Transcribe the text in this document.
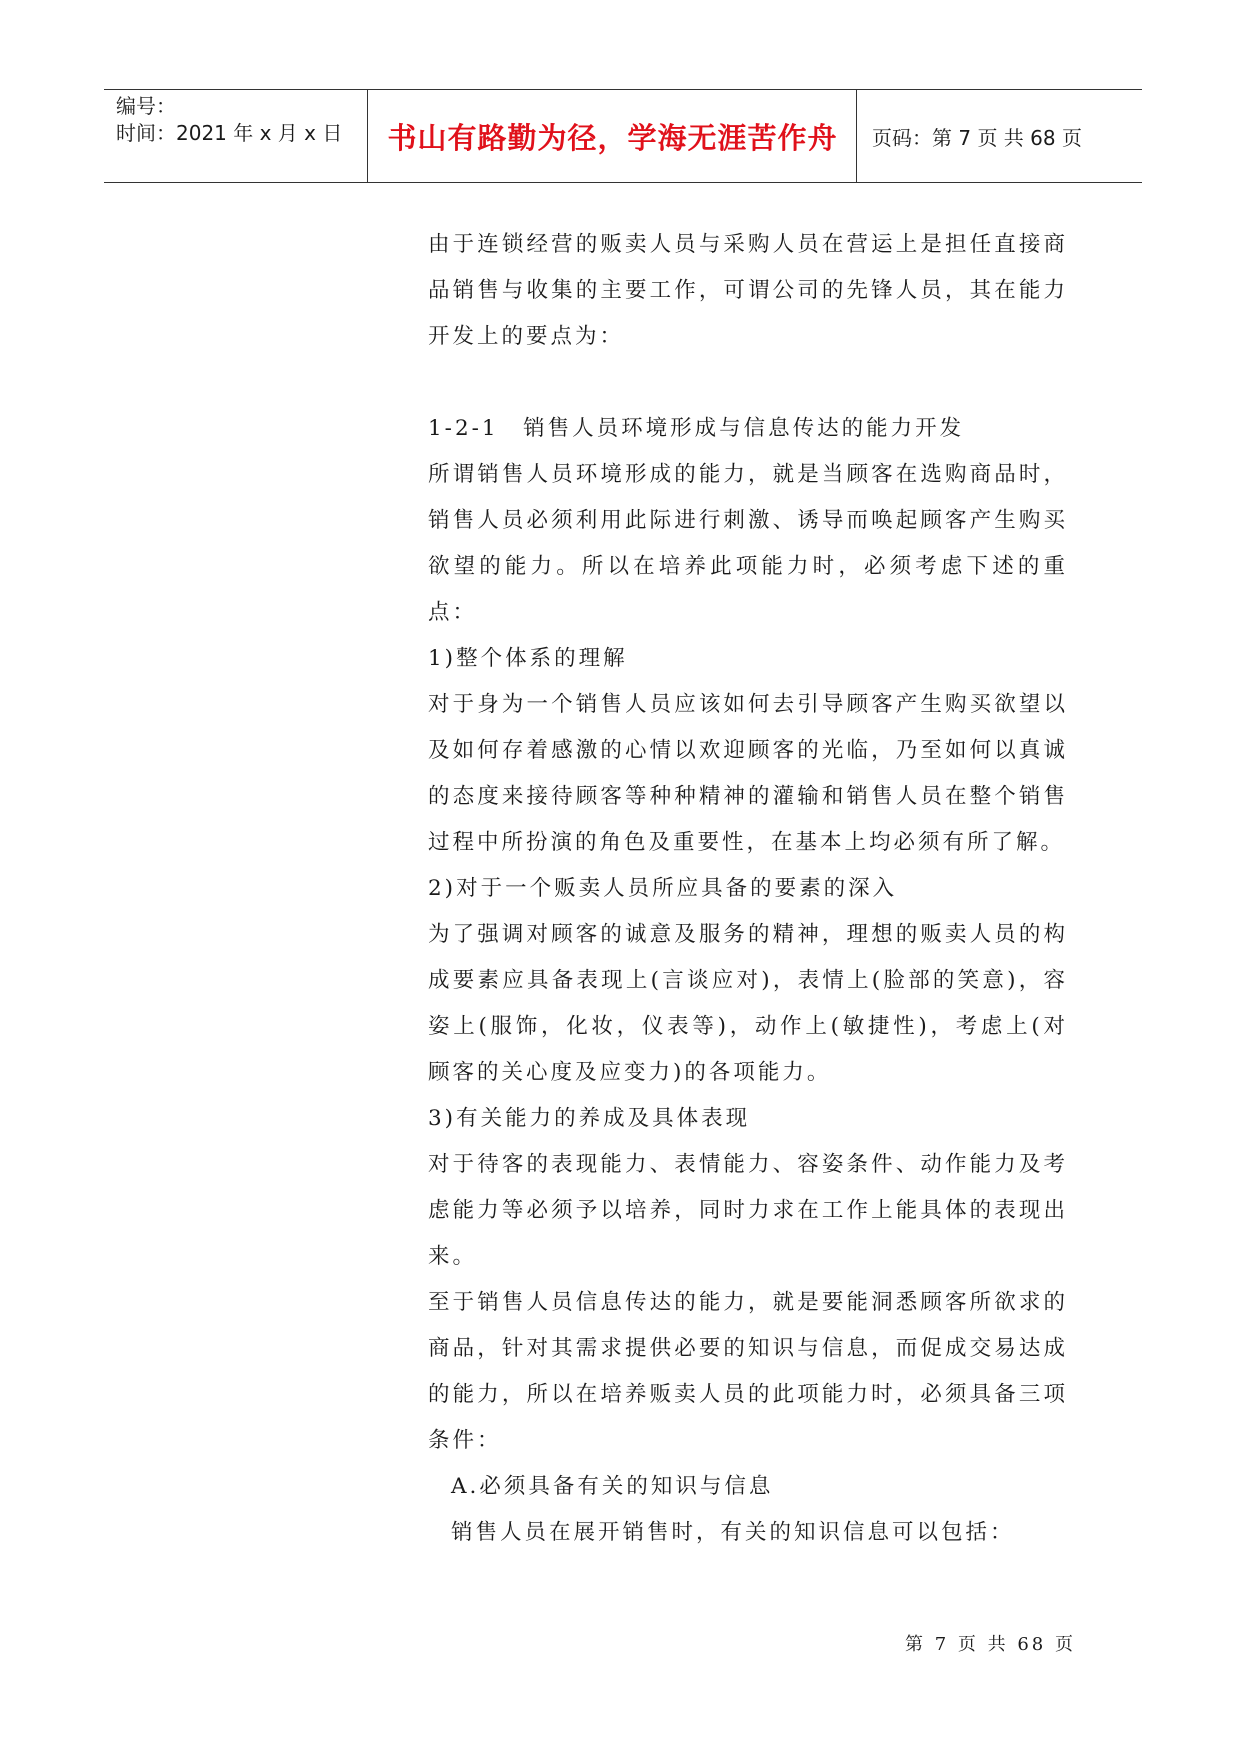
编号：
时间：2021 年 x 月 x 日	书山有路勤为径，学海无涯苦作舟	页码：第 7 页 共 68 页

由于连锁经营的贩卖人员与采购人员在营运上是担任直接商品销售与收集的主要工作，可谓公司的先锋人员，其在能力开发上的要点为：

1-2-1　销售人员环境形成与信息传达的能力开发

所谓销售人员环境形成的能力，就是当顾客在选购商品时，销售人员必须利用此际进行刺激、诱导而唤起顾客产生购买欲望的能力。所以在培养此项能力时，必须考虑下述的重点：

1)整个体系的理解

对于身为一个销售人员应该如何去引导顾客产生购买欲望以及如何存着感激的心情以欢迎顾客的光临，乃至如何以真诚的态度来接待顾客等种种精神的灌输和销售人员在整个销售过程中所扮演的角色及重要性，在基本上均必须有所了解。

2)对于一个贩卖人员所应具备的要素的深入

为了强调对顾客的诚意及服务的精神，理想的贩卖人员的构成要素应具备表现上(言谈应对)，表情上(脸部的笑意)，容姿上(服饰，化妆，仪表等)，动作上(敏捷性)，考虑上(对顾客的关心度及应变力)的各项能力。

3)有关能力的养成及具体表现

对于待客的表现能力、表情能力、容姿条件、动作能力及考虑能力等必须予以培养，同时力求在工作上能具体的表现出来。

至于销售人员信息传达的能力，就是要能洞悉顾客所欲求的商品，针对其需求提供必要的知识与信息，而促成交易达成的能力，所以在培养贩卖人员的此项能力时，必须具备三项条件：

A.必须具备有关的知识与信息

销售人员在展开销售时，有关的知识信息可以包括：

第 7 页 共 68 页
